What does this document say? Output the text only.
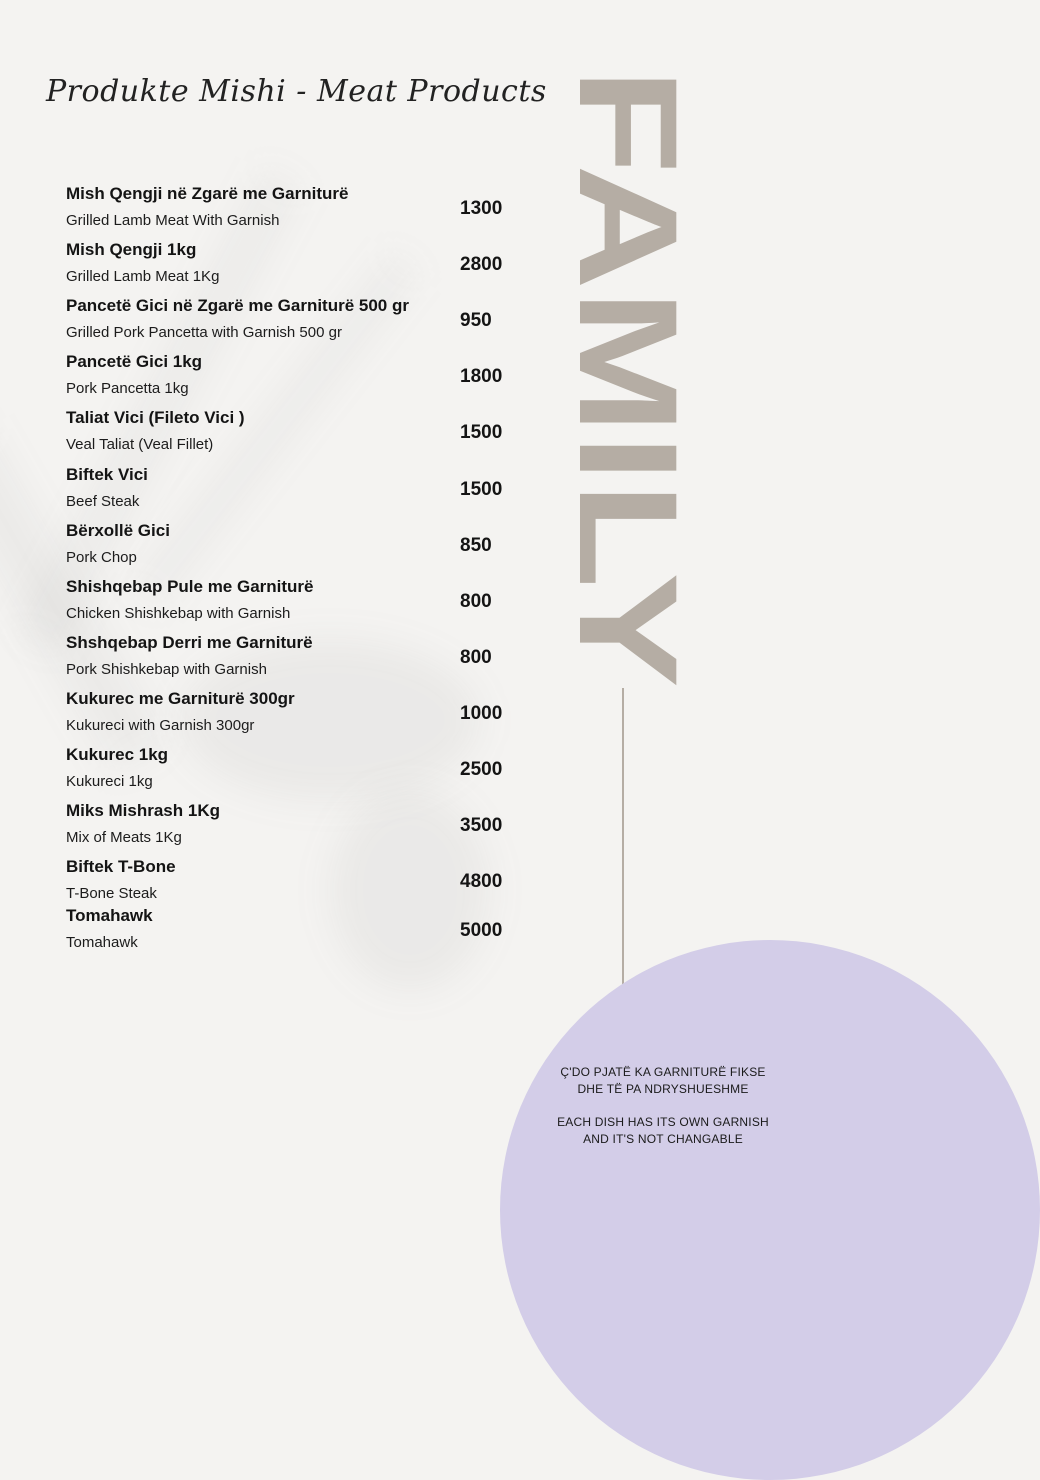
Produkte Mishi - Meat Products FAMILY
Mish Qengji në Zgarë me Garniturë
Grilled Lamb Meat With Garnish
1300
Mish Qengji 1kg
Grilled Lamb Meat 1Kg
2800
Pancetë Gici në Zgarë me Garniturë 500 gr
Grilled Pork Pancetta with Garnish 500 gr
950
Pancetë Gici 1kg
Pork Pancetta 1kg
1800
Taliat Vici (Fileto Vici )
Veal Taliat (Veal Fillet)
1500
Biftek Vici
Beef Steak
1500
Bërxollë Gici
Pork Chop
850
Shishqebap Pule me Garniturë
Chicken Shishkebap with Garnish
800
Shshqebap Derri me Garniturë
Pork Shishkebap with Garnish
800
Kukurec me Garniturë 300gr
Kukureci with Garnish 300gr
1000
Kukurec 1kg
Kukureci 1kg
2500
Miks Mishrash 1Kg
Mix of Meats 1Kg
3500
Biftek T-Bone
T-Bone Steak
4800
Tomahawk
Tomahawk
5000
Ç'DO PJATË KA GARNITURË FIKSE
DHE TË PA NDRYSHUESHME
EACH DISH HAS ITS OWN GARNISH
AND IT'S NOT CHANGABLE
